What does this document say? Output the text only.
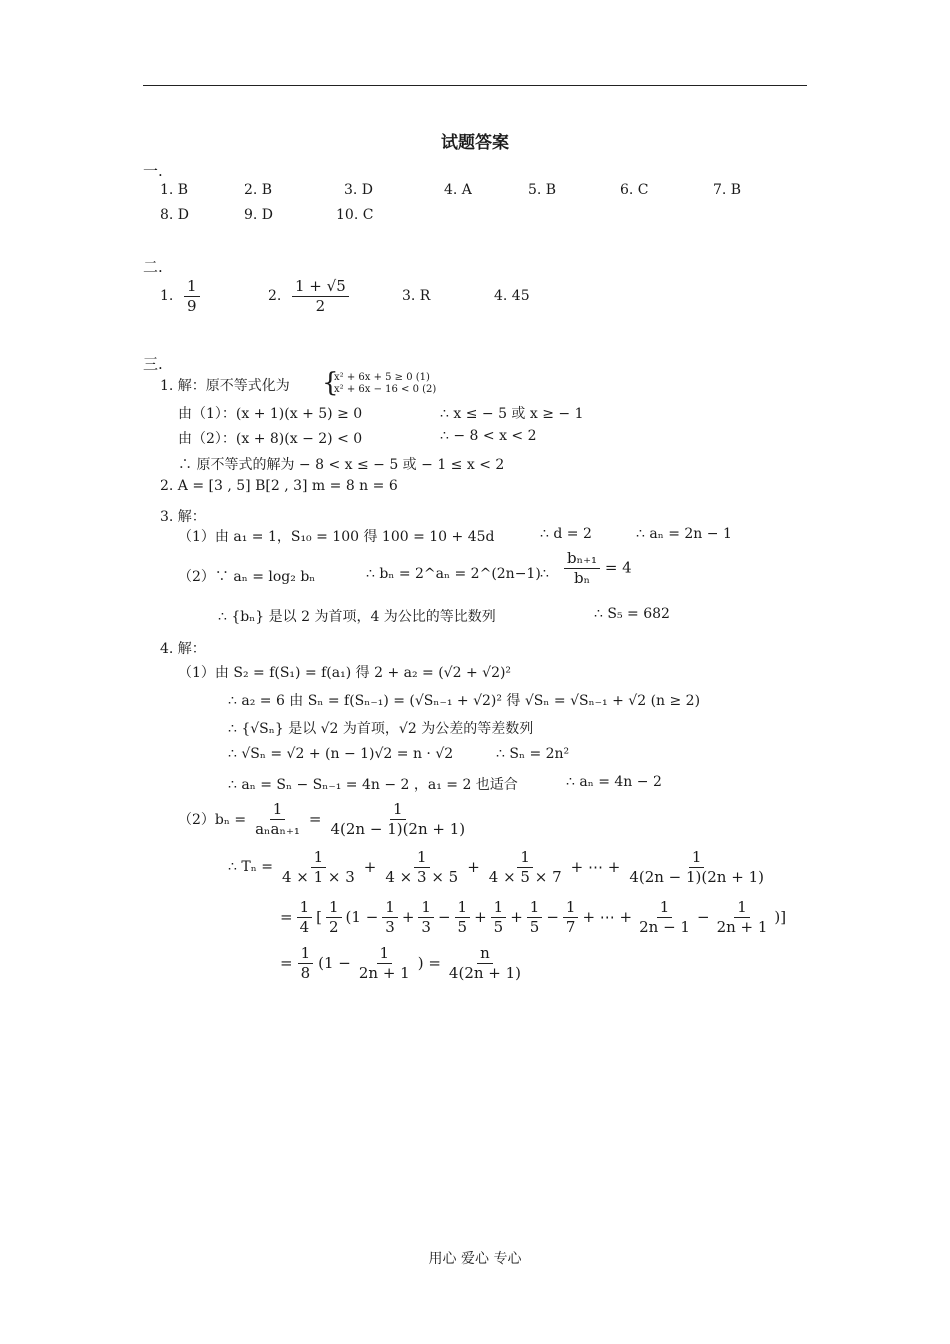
试题答案
一.
1. B	2. B	3. D	4. A	5. B	6. C	7. B
8. D	9. D	10. C
二.
1. $\frac{1}{9}$	2. $\frac{1 + √5}{2}$	3. R	4. 45
三.
1. 解：原不等式化为 {
x² + 6x + 5 ≥ 0 (1)
x² + 6x − 16 < 0 (2)
由（1）：(x + 1)(x + 5) ≥ 0	∴ x ≤ − 5 或 x ≥ − 1
由（2）：(x + 8)(x − 2) < 0	∴ − 8 < x < 2
∴ 原不等式的解为 − 8 < x ≤ − 5 或 − 1 ≤ x < 2
2. A = [3 , 5] B[2 , 3] m = 8 n = 6
3. 解：
（1）由 a₁ = 1，S₁₀ = 100 得 100 = 10 + 45d	∴ d = 2	∴ aₙ = 2n − 1
（2）∵ aₙ = log₂ bₙ	∴ bₙ = 2^aₙ = 2^(2n−1) ∴ $\frac{\text{bₙ₊₁}}{\text{bₙ}} = 4$
∴ {bₙ} 是以 2 为首项，4 为公比的等比数列	∴ S₅ = 682
4. 解：
（1）由 S₂ = f(S₁) = f(a₁) 得 2 + a₂ = (√2 + √2)²
∴ a₂ = 6 由 Sₙ = f(Sₙ₋₁) = (√Sₙ₋₁ + √2)² 得 √Sₙ = √Sₙ₋₁ + √2 (n ≥ 2)
∴ {√Sₙ} 是以 √2 为首项，√2 为公差的等差数列
∴ √Sₙ = √2 + (n − 1)√2 = n · √2	∴ Sₙ = 2n²
∴ aₙ = Sₙ − Sₙ₋₁ = 4n − 2 ，a₁ = 2 也适合	∴ aₙ = 4n − 2
$(2)b_n = \frac{1}{\text{aₙaₙ₊₁}} = \frac{1}{4(2n - 1)(2n + 1)}$
∴ $T_n = \frac{1}{4 \times 1 \times 3} + \frac{1}{4 \times 3 \times 5} + \frac{1}{4 \times 5 \times 7}$ + ⋯ + $\frac{1}{4(2n - 1)(2n + 1)}$
= $\frac{1}{4}$ [ $\frac{1}{2} (1 - \frac{1}{3} + \frac{1}{3} - \frac{1}{5} + \frac{1}{5} + \frac{1}{5} - \frac{1}{7}$ + ⋯ + $\frac{1}{2n - 1} - \frac{1}{2n + 1}$ )]
= $\frac{1}{8} (1 - \frac{1}{2n + 1}$ ) = $\frac{n}{4(2n + 1)}$
用心 爱心 专心
